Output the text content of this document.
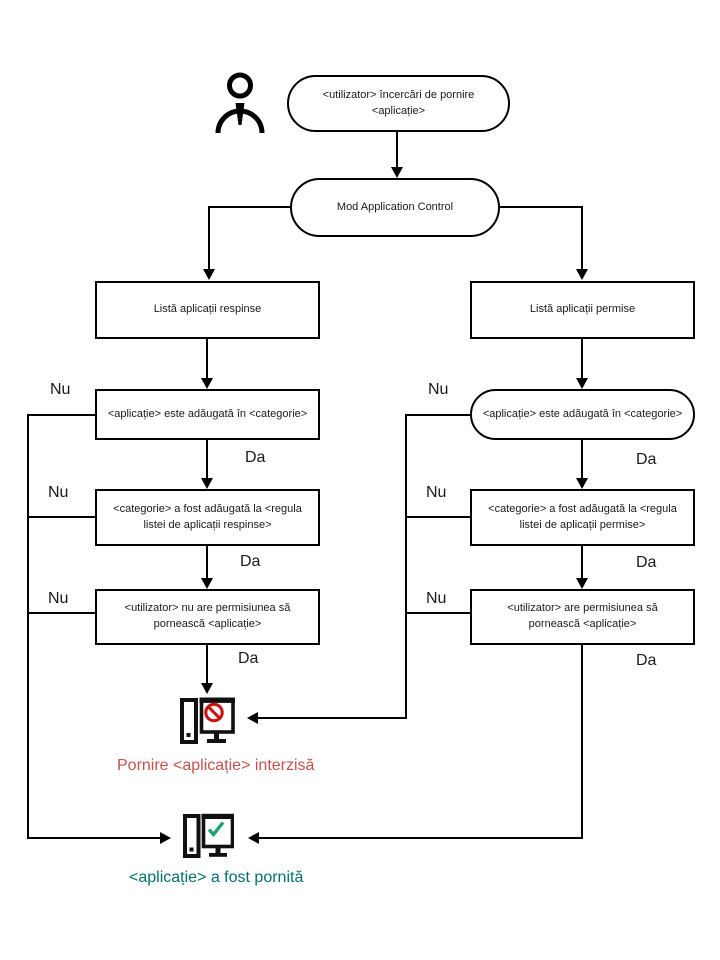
<utilizator> încercări de pornire <aplicație>
Mod Application Control
Listă aplicații respinse	Listă aplicații permise
<aplicație> este adăugată în <categorie>	<aplicație> este adăugată în <categorie>
Nu	Nu
Da	Da
<categorie> a fost adăugată la <regula listei de aplicații respinse>
<categorie> a fost adăugată la <regula listei de aplicații permise>
Nu	Nu
Da	Da
<utilizator> nu are permisiunea să pornească <aplicație>
<utilizator> are permisiunea să pornească <aplicație>
Nu	Nu
Da	Da
Pornire <aplicație> interzisă
<aplicație> a fost pornită
